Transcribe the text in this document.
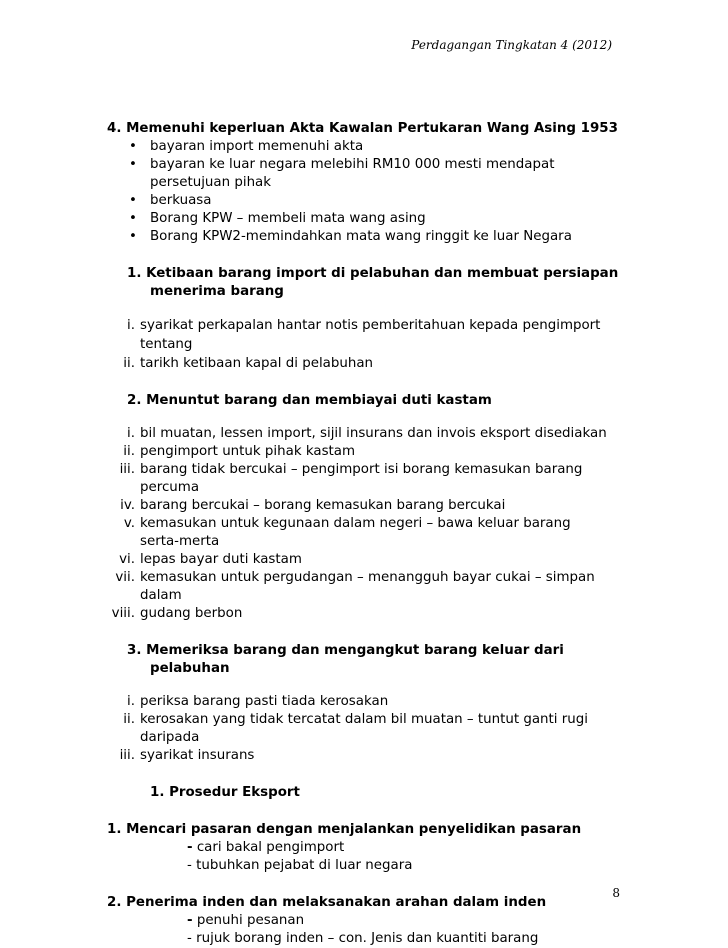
Perdagangan Tingkatan 4 (2012)
4. Memenuhi keperluan Akta Kawalan Pertukaran Wang Asing 1953
• bayaran import memenuhi akta
• bayaran ke luar negara melebihi RM10 000 mesti mendapat persetujuan pihak
• berkuasa
• Borang KPW – membeli mata wang asing
• Borang KPW2-memindahkan mata wang ringgit ke luar Negara
1. Ketibaan barang import di pelabuhan dan membuat persiapan menerima barang
i. syarikat perkapalan hantar notis pemberitahuan kepada pengimport tentang
ii. tarikh ketibaan kapal di pelabuhan
2. Menuntut barang dan membiayai duti kastam
i. bil muatan, lessen import, sijil insurans dan invois eksport disediakan
ii. pengimport untuk pihak kastam
iii. barang tidak bercukai – pengimport isi borang kemasukan barang percuma
iv. barang bercukai – borang kemasukan barang bercukai
v. kemasukan untuk kegunaan dalam negeri – bawa keluar barang serta-merta
vi. lepas bayar duti kastam
vii. kemasukan untuk pergudangan – menangguh bayar cukai – simpan dalam
viii. gudang berbon
3. Memeriksa barang dan mengangkut barang keluar dari pelabuhan
i. periksa barang pasti tiada kerosakan
ii. kerosakan yang tidak tercatat dalam bil muatan – tuntut ganti rugi daripada
iii. syarikat insurans
1. Prosedur Eksport
1. Mencari pasaran dengan menjalankan penyelidikan pasaran
- cari bakal pengimport
- tubuhkan pejabat di luar negara
2. Penerima inden dan melaksanakan arahan dalam inden
- penuhi pesanan
- rujuk borang inden – con. Jenis dan kuantiti barang
8
